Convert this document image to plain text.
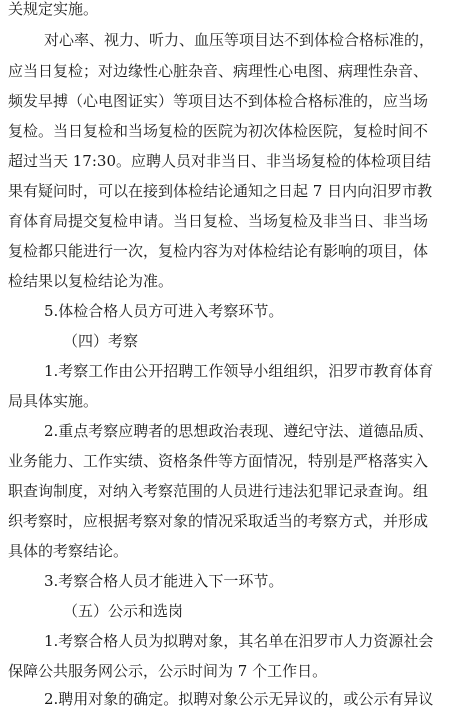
关规定实施。
对心率、视力、听力、血压等项目达不到体检合格标准的，
应当日复检；对边缘性心脏杂音、病理性心电图、病理性杂音、
频发早搏（心电图证实）等项目达不到体检合格标准的，应当场
复检。当日复检和当场复检的医院为初次体检医院，复检时间不
超过当天 17:30。应聘人员对非当日、非当场复检的体检项目结
果有疑问时，可以在接到体检结论通知之日起 7 日内向汨罗市教
育体育局提交复检申请。当日复检、当场复检及非当日、非当场
复检都只能进行一次，复检内容为对体检结论有影响的项目，体
检结果以复检结论为准。
5.体检合格人员方可进入考察环节。
（四）考察
1.考察工作由公开招聘工作领导小组组织，汨罗市教育体育
局具体实施。
2.重点考察应聘者的思想政治表现、遵纪守法、道德品质、
业务能力、工作实绩、资格条件等方面情况，特别是严格落实入
职查询制度，对纳入考察范围的人员进行违法犯罪记录查询。组
织考察时，应根据考察对象的情况采取适当的考察方式，并形成
具体的考察结论。
3.考察合格人员才能进入下一环节。
（五）公示和选岗
1.考察合格人员为拟聘对象，其名单在汨罗市人力资源社会
保障公共服务网公示，公示时间为 7 个工作日。
2.聘用对象的确定。拟聘对象公示无异议的，或公示有异议
